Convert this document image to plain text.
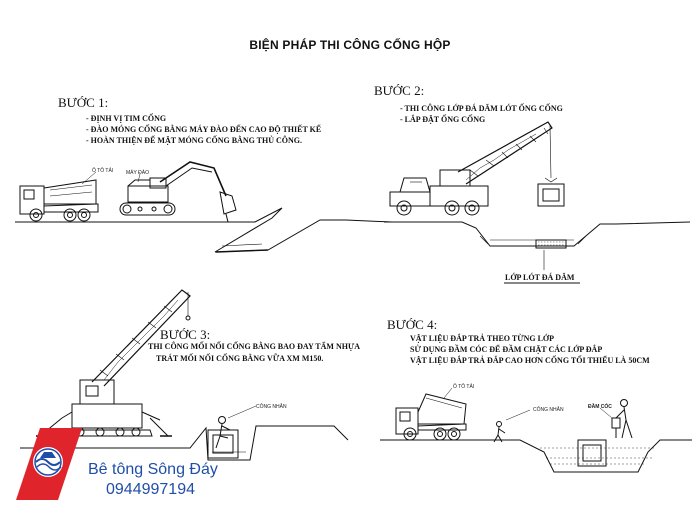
BIỆN PHÁP THI CÔNG CỐNG HỘP
BƯỚC 1:
- ĐỊNH VỊ TIM CỐNG
- ĐÀO MÓNG CỐNG BẰNG MÁY ĐÀO ĐẾN CAO ĐỘ THIẾT KẾ
- HOÀN THIỆN ĐẾ MẶT MÓNG CỐNG BẰNG THỦ CÔNG.
Ô TÔ TẢI	MÁY ĐÀO
BƯỚC 2:
- THI CÔNG LỚP ĐÁ DĂM LÓT ỐNG CỐNG
- LẮP ĐẶT ỐNG CỐNG
LỚP LÓT ĐÁ DĂM
BƯỚC 3:
THI CÔNG MỐI NỐI CỐNG BẰNG BAO ĐAY TẨM NHỰA
TRÁT MỐI NỐI CỐNG BẰNG VỮA XM M150.
CÔNG NHÂN
BƯỚC 4:
VẬT LIỆU ĐẮP TRẢ THEO TỪNG LỚP
SỬ DỤNG ĐẦM CÓC ĐỂ ĐẦM CHẶT CÁC LỚP ĐẮP
VẬT LIỆU ĐẮP TRẢ ĐẮP CAO HƠN CỐNG TỐI THIỂU LÀ 50CM
Ô TÔ TẢI
CÔNG NHÂN	ĐẦM CÓC
Bê tông Sông Đáy
0944997194
